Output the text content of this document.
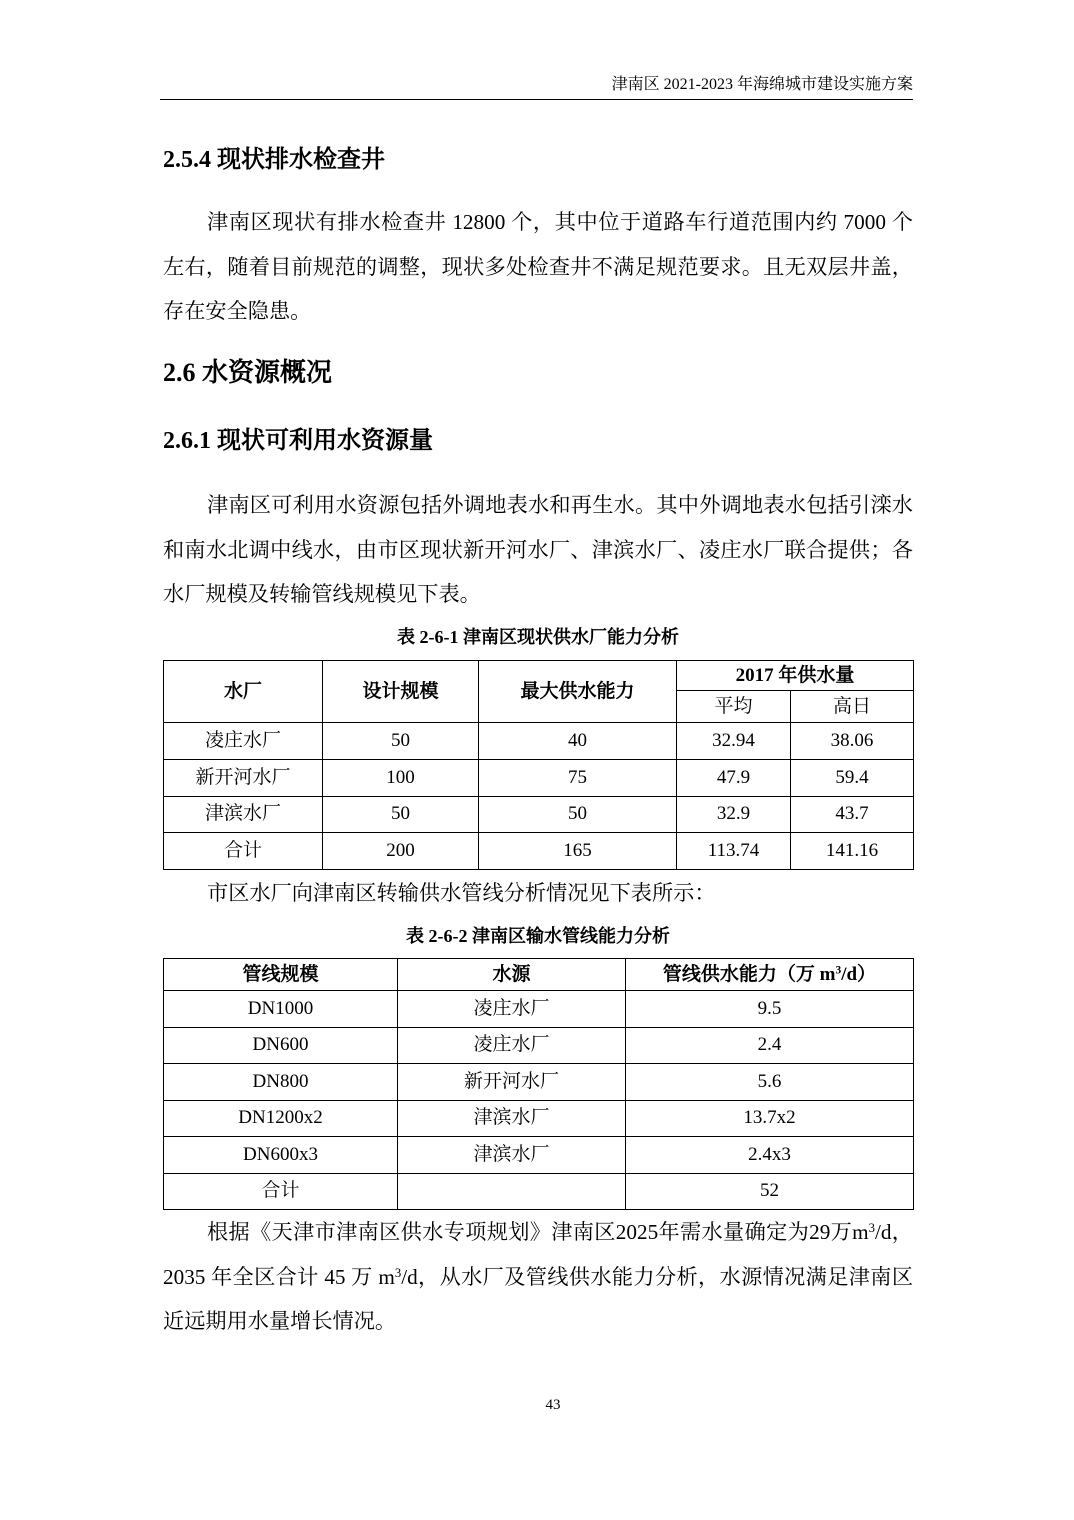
津南区 2021-2023 年海绵城市建设实施方案
2.5.4 现状排水检查井
津南区现状有排水检查井 12800 个，其中位于道路车行道范围内约 7000 个左右，随着目前规范的调整，现状多处检查井不满足规范要求。且无双层井盖，存在安全隐患。
2.6 水资源概况
2.6.1 现状可利用水资源量
津南区可利用水资源包括外调地表水和再生水。其中外调地表水包括引滦水和南水北调中线水，由市区现状新开河水厂、津滨水厂、凌庄水厂联合提供；各水厂规模及转输管线规模见下表。
表 2-6-1 津南区现状供水厂能力分析
水厂	设计规模	最大供水能力	2017 年供水量	
			平均	高日
凌庄水厂	50	40	32.94	38.06
新开河水厂	100	75	47.9	59.4
津滨水厂	50	50	32.9	43.7
合计	200	165	113.74	141.16
市区水厂向津南区转输供水管线分析情况见下表所示：
表 2-6-2 津南区输水管线能力分析
管线规模	水源	管线供水能力（万 $m^3/d$）
DN1000	凌庄水厂	9.5
DN600	凌庄水厂	2.4
DN800	新开河水厂	5.6
DN1200x2	津滨水厂	13.7x2
DN600x3	津滨水厂	2.4x3
合计		52
根据《天津市津南区供水专项规划》津南区2025年需水量确定为29万$m^3/d$，2035 年全区合计 45 万 $m^3/d$，从水厂及管线供水能力分析，水源情况满足津南区近远期用水量增长情况。
43
